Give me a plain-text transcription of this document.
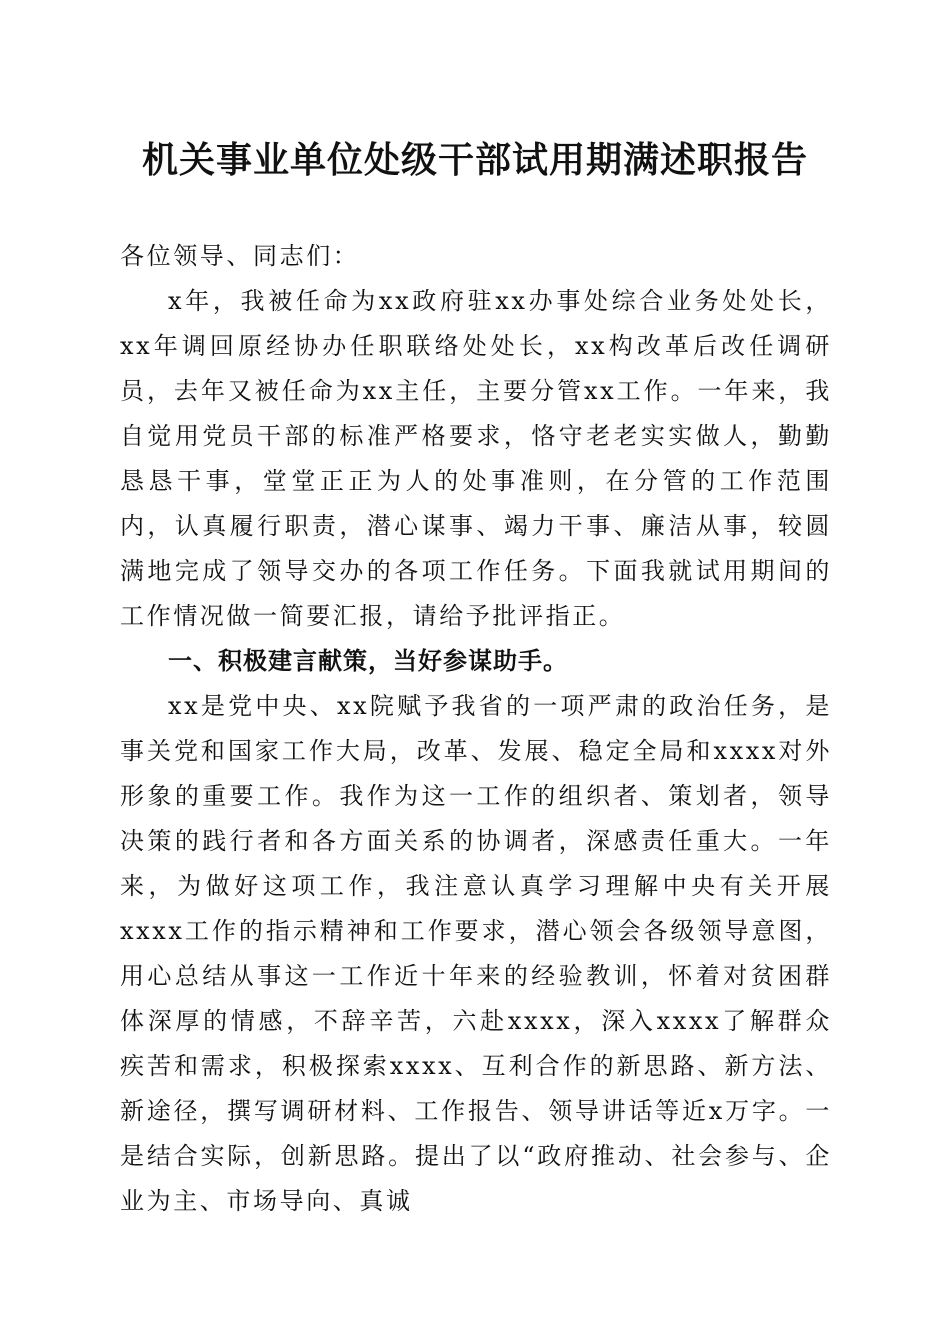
机关事业单位处级干部试用期满述职报告

各位领导、同志们：

x年，我被任命为xx政府驻xx办事处综合业务处处长，xx年调回原经协办任职联络处处长，xx构改革后改任调研员，去年又被任命为xx主任，主要分管xx工作。一年来，我自觉用党员干部的标准严格要求，恪守老老实实做人，勤勤恳恳干事，堂堂正正为人的处事准则，在分管的工作范围内，认真履行职责，潜心谋事、竭力干事、廉洁从事，较圆满地完成了领导交办的各项工作任务。下面我就试用期间的工作情况做一简要汇报，请给予批评指正。

一、积极建言献策，当好参谋助手。

xx是党中央、xx院赋予我省的一项严肃的政治任务，是事关党和国家工作大局，改革、发展、稳定全局和xxxx对外形象的重要工作。我作为这一工作的组织者、策划者，领导决策的践行者和各方面关系的协调者，深感责任重大。一年来，为做好这项工作，我注意认真学习理解中央有关开展xxxx工作的指示精神和工作要求，潜心领会各级领导意图，用心总结从事这一工作近十年来的经验教训，怀着对贫困群体深厚的情感，不辞辛苦，六赴xxxx，深入xxxx了解群众疾苦和需求，积极探索xxxx、互利合作的新思路、新方法、新途径，撰写调研材料、工作报告、领导讲话等近x万字。一是结合实际，创新思路。提出了以“政府推动、社会参与、企业为主、市场导向、真诚
